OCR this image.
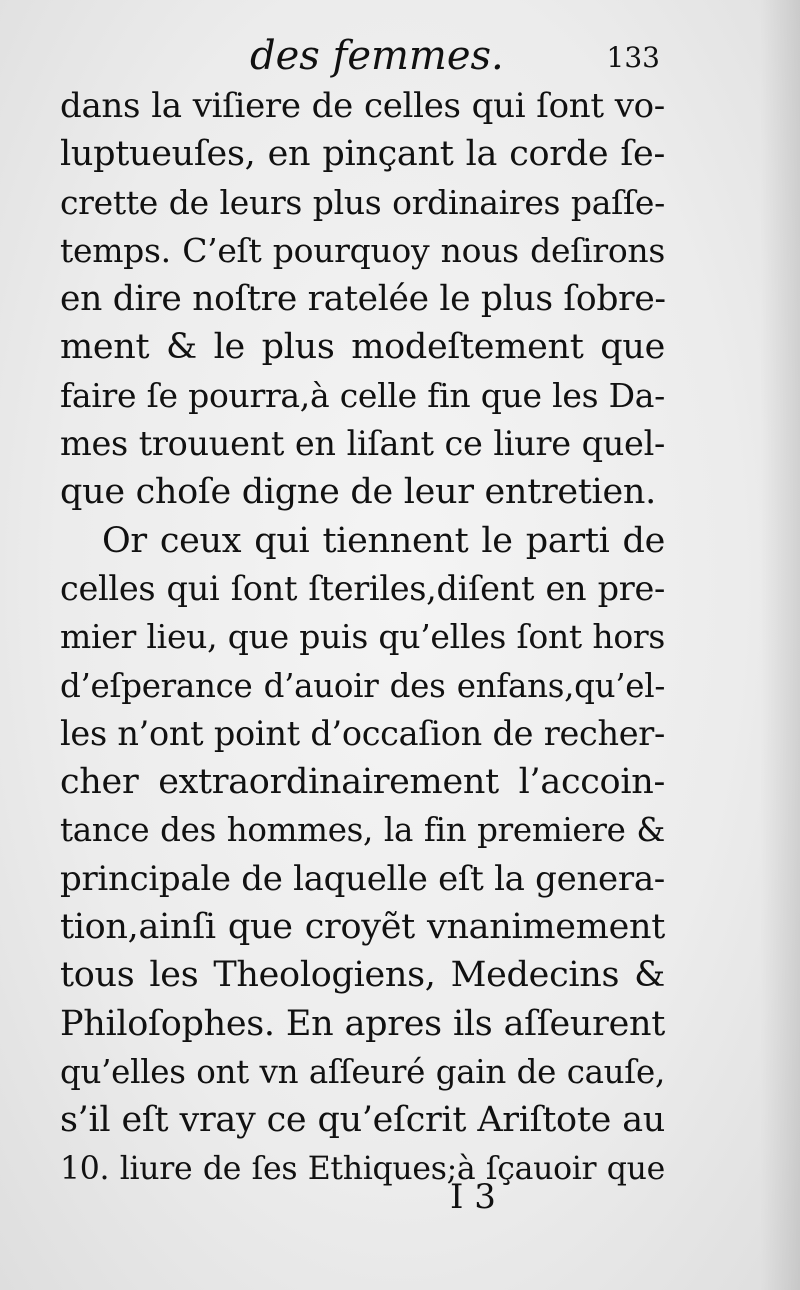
des femmes.	133
dans la viſiere de celles qui ſont vo-
luptueuſes, en pinçant la corde ſe-
crette de leurs plus ordinaires paſſe-
temps. C’eſt pourquoy nous deſirons
en dire noſtre ratelée le plus ſobre-
ment & le plus modeſtement que
faire ſe pourra,à celle fin que les Da-
mes trouuent en liſant ce liure quel-
que choſe digne de leur entretien.
Or ceux qui tiennent le parti de
celles qui ſont ſteriles,diſent en pre-
mier lieu, que puis qu’elles ſont hors
d’eſperance d’auoir des enfans,qu’el-
les n’ont point d’occaſion de recher-
cher extraordinairement l’accoin-
tance des hommes, la fin premiere &
principale de laquelle eſt la genera-
tion,ainſi que croyẽt vnanimement
tous les Theologiens, Medecins &
Philoſophes. En apres ils aſſeurent
qu’elles ont vn aſſeuré gain de cauſe,
s’il eſt vray ce qu’eſcrit Ariſtote au
10. liure de ſes Ethiques;à ſçauoir que
I 3
